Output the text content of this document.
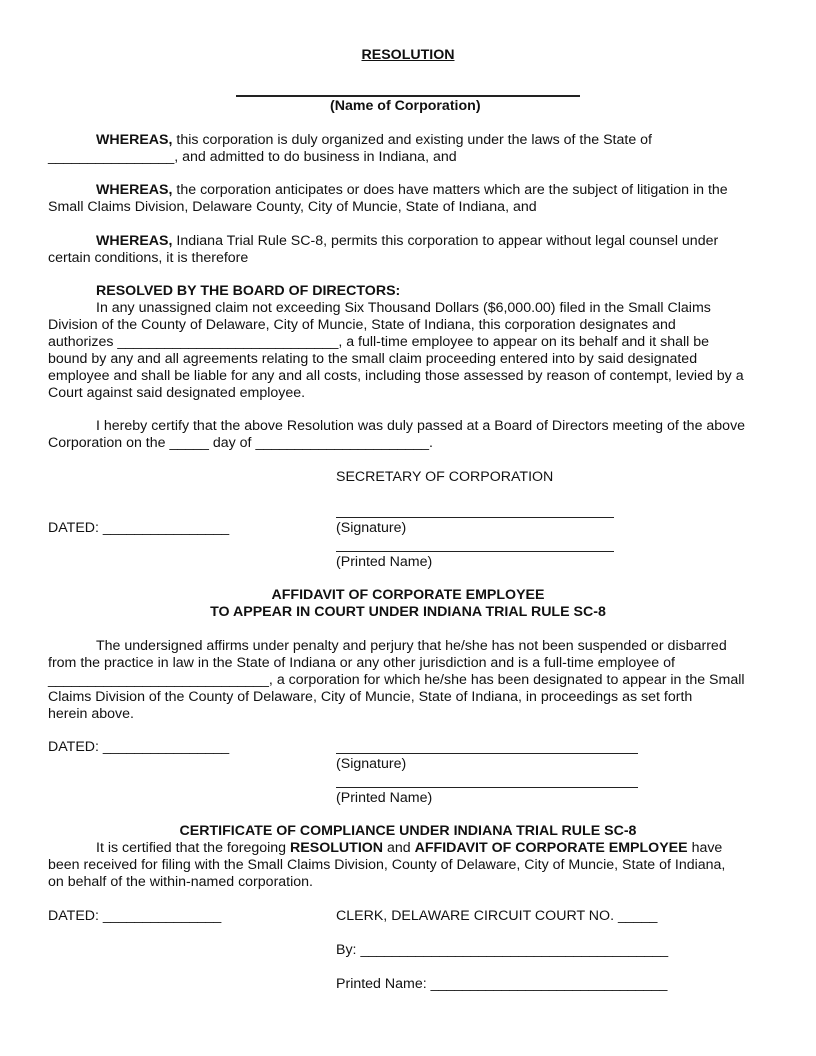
RESOLUTION
(Name of Corporation)
WHEREAS, this corporation is duly organized and existing under the laws of the State of
________________, and admitted to do business in Indiana, and
WHEREAS, the corporation anticipates or does have matters which are the subject of litigation in the
Small Claims Division, Delaware County, City of Muncie, State of Indiana, and
WHEREAS, Indiana Trial Rule SC-8, permits this corporation to appear without legal counsel under
certain conditions, it is therefore
RESOLVED BY THE BOARD OF DIRECTORS:
In any unassigned claim not exceeding Six Thousand Dollars ($6,000.00) filed in the Small Claims
Division of the County of Delaware, City of Muncie, State of Indiana, this corporation designates and
authorizes ____________________________, a full-time employee to appear on its behalf and it shall be
bound by any and all agreements relating to the small claim proceeding entered into by said designated
employee and shall be liable for any and all costs, including those assessed by reason of contempt, levied by a
Court against said designated employee.
I hereby certify that the above Resolution was duly passed at a Board of Directors meeting of the above
Corporation on the _____ day of ______________________.
SECRETARY OF CORPORATION
DATED: ________________	(Signature)
(Printed Name)
AFFIDAVIT OF CORPORATE EMPLOYEE
TO APPEAR IN COURT UNDER INDIANA TRIAL RULE SC-8
The undersigned affirms under penalty and perjury that he/she has not been suspended or disbarred
from the practice in law in the State of Indiana or any other jurisdiction and is a full-time employee of
____________________________, a corporation for which he/she has been designated to appear in the Small
Claims Division of the County of Delaware, City of Muncie, State of Indiana, in proceedings as set forth
herein above.
DATED: ________________
(Signature)
(Printed Name)
CERTIFICATE OF COMPLIANCE UNDER INDIANA TRIAL RULE SC-8
It is certified that the foregoing RESOLUTION and AFFIDAVIT OF CORPORATE EMPLOYEE have
been received for filing with the Small Claims Division, County of Delaware, City of Muncie, State of Indiana,
on behalf of the within-named corporation.
DATED: _______________	CLERK, DELAWARE CIRCUIT COURT NO. _____
By: _______________________________________
Printed Name: ______________________________
